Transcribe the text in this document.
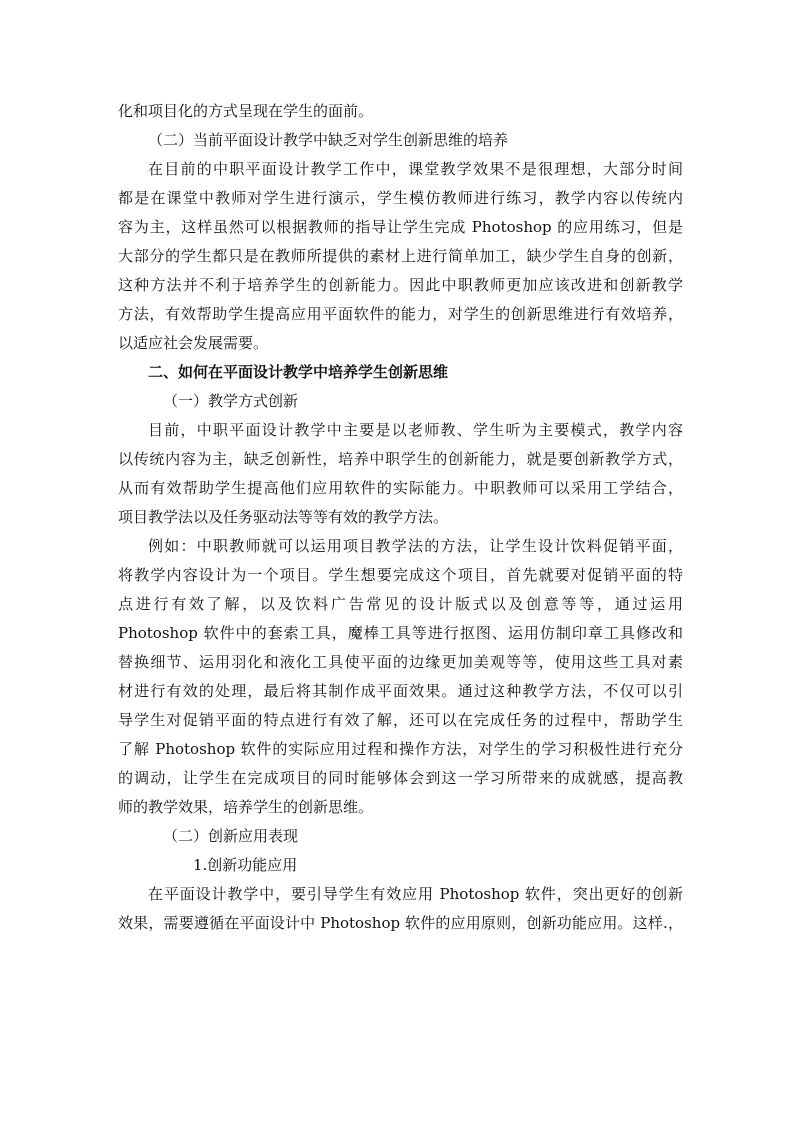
化和项目化的方式呈现在学生的面前。
（二）当前平面设计教学中缺乏对学生创新思维的培养
在目前的中职平面设计教学工作中，课堂教学效果不是很理想，大部分时间
都是在课堂中教师对学生进行演示，学生模仿教师进行练习，教学内容以传统内
容为主，这样虽然可以根据教师的指导让学生完成 Photoshop 的应用练习，但是
大部分的学生都只是在教师所提供的素材上进行简单加工，缺少学生自身的创新，
这种方法并不利于培养学生的创新能力。因此中职教师更加应该改进和创新教学
方法，有效帮助学生提高应用平面软件的能力，对学生的创新思维进行有效培养，
以适应社会发展需要。
二、如何在平面设计教学中培养学生创新思维
（一）教学方式创新
目前，中职平面设计教学中主要是以老师教、学生听为主要模式，教学内容
以传统内容为主，缺乏创新性，培养中职学生的创新能力，就是要创新教学方式，
从而有效帮助学生提高他们应用软件的实际能力。中职教师可以采用工学结合，
项目教学法以及任务驱动法等等有效的教学方法。
例如：中职教师就可以运用项目教学法的方法，让学生设计饮料促销平面，
将教学内容设计为一个项目。学生想要完成这个项目，首先就要对促销平面的特
点进行有效了解，以及饮料广告常见的设计版式以及创意等等，通过运用
Photoshop 软件中的套索工具，魔棒工具等进行抠图、运用仿制印章工具修改和
替换细节、运用羽化和液化工具使平面的边缘更加美观等等，使用这些工具对素
材进行有效的处理，最后将其制作成平面效果。通过这种教学方法，不仅可以引
导学生对促销平面的特点进行有效了解，还可以在完成任务的过程中，帮助学生
了解 Photoshop 软件的实际应用过程和操作方法，对学生的学习积极性进行充分
的调动，让学生在完成项目的同时能够体会到这一学习所带来的成就感，提高教
师的教学效果，培养学生的创新思维。
（二）创新应用表现
1.创新功能应用
在平面设计教学中，要引导学生有效应用 Photoshop 软件，突出更好的创新
效果，需要遵循在平面设计中 Photoshop 软件的应用原则，创新功能应用。这样.，
